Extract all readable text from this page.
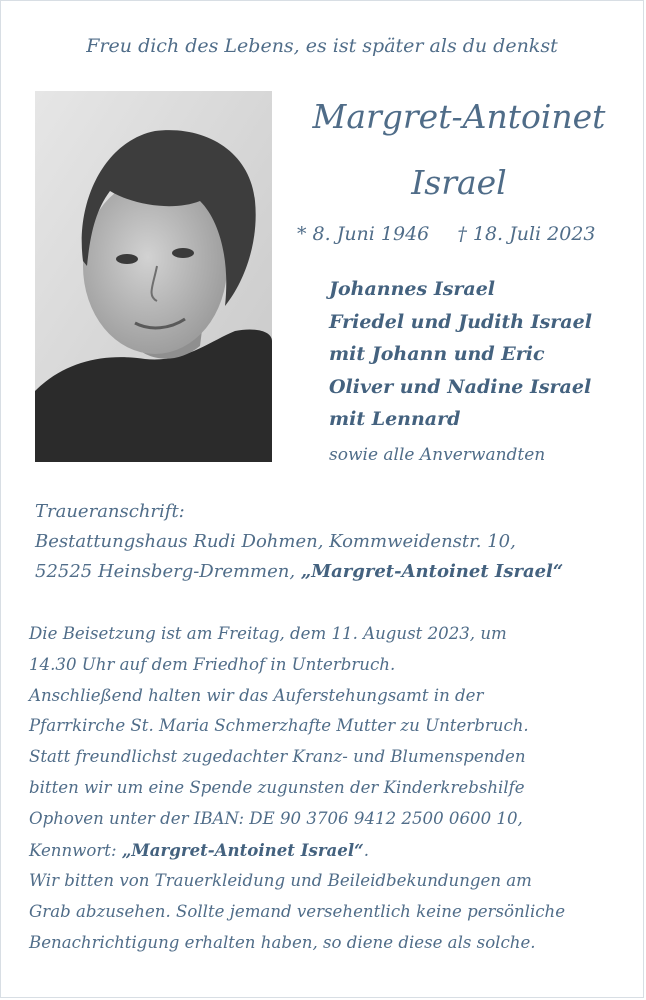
Freu dich des Lebens, es ist später als du denkst
Margret-Antoinet
Israel
* 8. Juni 1946 † 18. Juli 2023
Johannes Israel
Friedel und Judith Israel
mit Johann und Eric
Oliver und Nadine Israel
mit Lennard
sowie alle Anverwandten
Traueranschrift:
Bestattungshaus Rudi Dohmen, Kommweidenstr. 10,
52525 Heinsberg-Dremmen, „Margret-Antoinet Israel“
Die Beisetzung ist am Freitag, dem 11. August 2023, um
14.30 Uhr auf dem Friedhof in Unterbruch.
Anschließend halten wir das Auferstehungsamt in der
Pfarrkirche St. Maria Schmerzhafte Mutter zu Unterbruch.
Statt freundlichst zugedachter Kranz- und Blumenspenden
bitten wir um eine Spende zugunsten der Kinderkrebshilfe
Ophoven unter der IBAN: DE 90 3706 9412 2500 0600 10,
Kennwort: „Margret-Antoinet Israel“.
Wir bitten von Trauerkleidung und Beileidbekundungen am
Grab abzusehen. Sollte jemand versehentlich keine persönliche
Benachrichtigung erhalten haben, so diene diese als solche.
